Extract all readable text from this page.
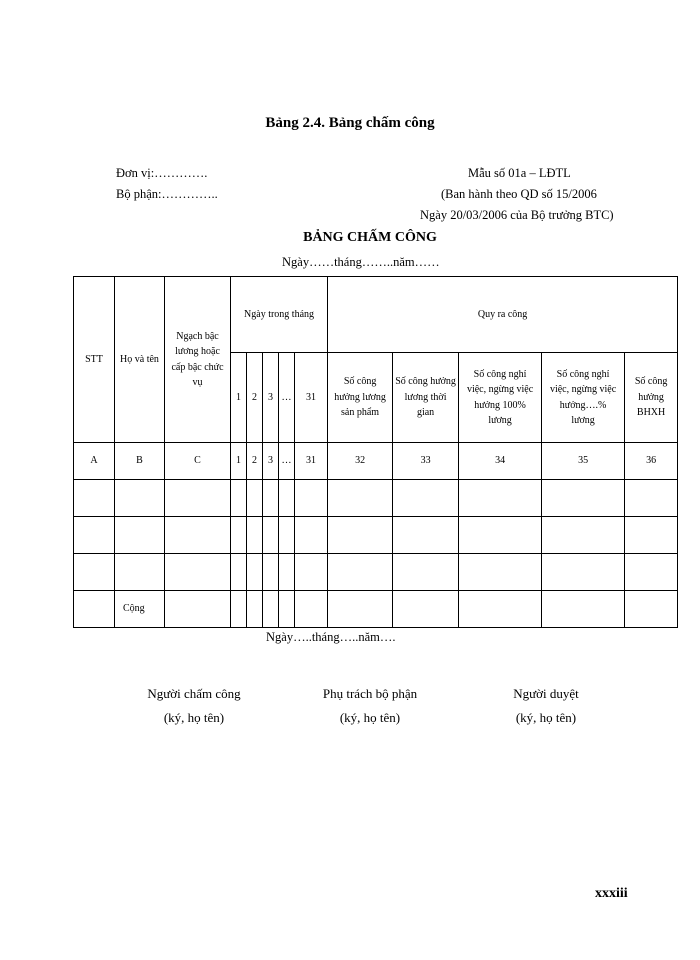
Bảng 2.4. Bảng chấm công
Đơn vị:………….
Bộ phận:…………..
Mẫu số 01a – LĐTL
(Ban hành theo QD số 15/2006
Ngày 20/03/2006 của Bộ trưởng BTC)
BẢNG CHẤM CÔNG
Ngày……tháng……..năm……
STT	Họ và tên	Ngạch bậc lương hoặc cấp bậc chức vụ	Ngày trong tháng					Quy ra công				
			1	2	3	…	31	Số công hưởng lương sản phẩm	Số công hưởng lương thời gian	Số công nghỉ việc, ngừng việc hưởng 100% lương	Số công nghỉ việc, ngừng việc hưởng….% lương	Số công hưởng BHXH
A	B	C	1	2	3	…	31	32	33	34	35	36

	Cộng											
Ngày…..tháng…..năm….
Người chấm công
(ký, họ tên)
Phụ trách bộ phận
(ký, họ tên)
Người duyệt
(ký, họ tên)
xxxiii
